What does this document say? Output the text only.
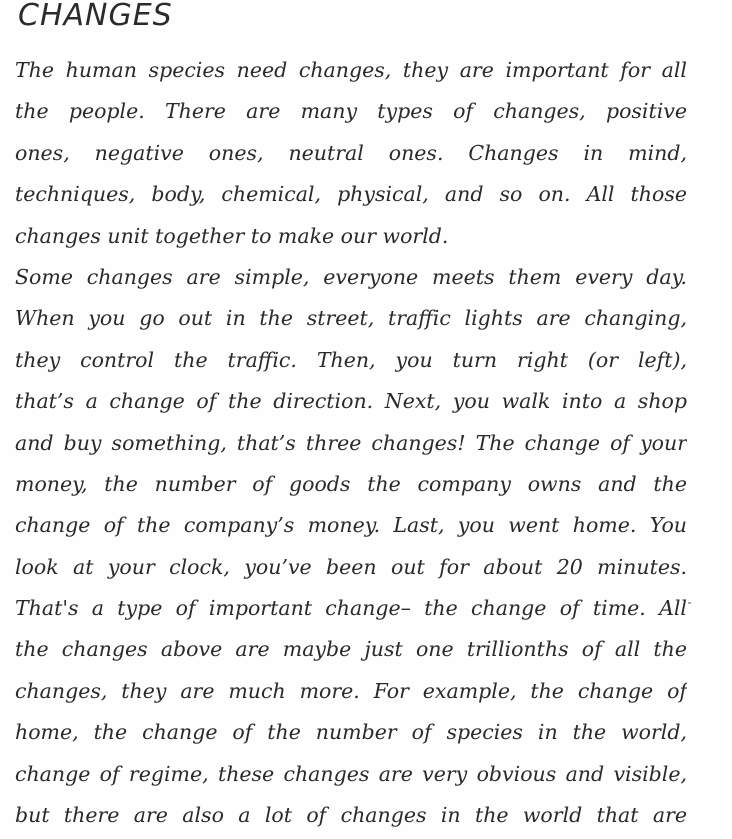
CHANGES
The human species need changes, they are important for all
the people. There are many types of changes, positive
ones, negative ones, neutral ones. Changes in mind,
techniques, body, chemical, physical, and so on. All those
changes unit together to make our world.
Some changes are simple, everyone meets them every day.
When you go out in the street, traffic lights are changing,
they control the traffic. Then, you turn right (or left),
that’s a change of the direction. Next, you walk into a shop
and buy something, that’s three changes! The change of your
money, the number of goods the company owns and the
change of the company’s money. Last, you went home. You
look at your clock, you’ve been out for about 20 minutes.
That's a type of important change– the change of time. All
the changes above are maybe just one trillionths of all the
changes, they are much more. For example, the change of
home, the change of the number of species in the world,
change of regime, these changes are very obvious and visible,
but there are also a lot of changes in the world that are
